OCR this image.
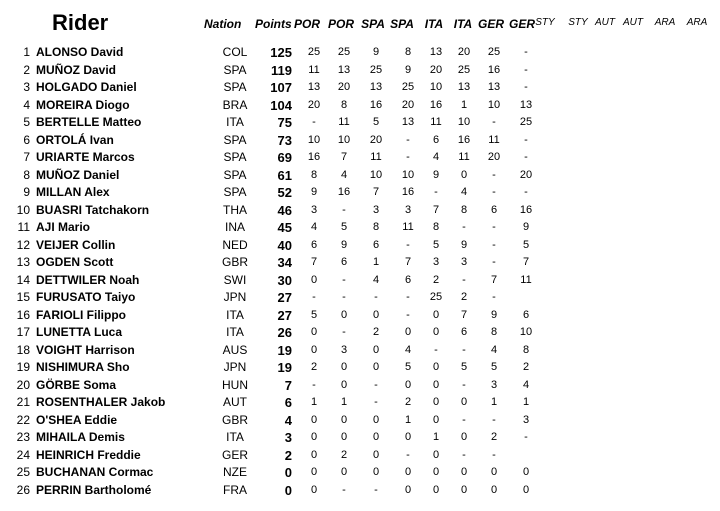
Rider	Nation Points POR POR SPA SPA ITA ITA GER GER STY	STY AUT AUT	ARA	ARA
1 ALONSO David	COL	125	25	25	9	8	13	20	25	-
2 MUÑOZ David	SPA	119	11	13	25	9	20	25	16	-
3 HOLGADO Daniel	SPA	107	13	20	13	25	10	13	13	-
4 MOREIRA Diogo	BRA	104	20	8	16	20	16	1	10	13
5 BERTELLE Matteo	ITA	75	-	11	5	13	11	10	-	25
6 ORTOLÁ Ivan	SPA	73	10	10	20	-	6	16	11	-
7 URIARTE Marcos	SPA	69	16	7	11	-	4	11	20	-
8 MUÑOZ Daniel	SPA	61	8	4	10	10	9	0	-	20
9 MILLAN Alex	SPA	52	9	16	7	16	-	4	-	-
10 BUASRI Tatchakorn	THA	46	3	-	3	3	7	8	6	16
11 AJI Mario	INA	45	4	5	8	11	8	-	-	9
12 VEIJER Collin	NED	40	6	9	6	-	5	9	-	5
13 OGDEN Scott	GBR	34	7	6	1	7	3	3	-	7
14 DETTWILER Noah	SWI	30	0	-	4	6	2	-	7	11
15 FURUSATO Taiyo	JPN	27	-	-	-	-	25	2	-
16 FARIOLI Filippo	ITA	27	5	0	0	-	0	7	9	6
17 LUNETTA Luca	ITA	26	0	-	2	0	0	6	8	10
18 VOIGHT Harrison	AUS	19	0	3	0	4	-	-	4	8
19 NISHIMURA Sho	JPN	19	2	0	0	5	0	5	5	2
20 GÖRBE Soma	HUN	7	-	0	-	0	0	-	3	4
21 ROSENTHALER Jakob	AUT	6	1	1	-	2	0	0	1	1
22 O'SHEA Eddie	GBR	4	0	0	0	1	0	-	-	3
23 MIHAILA Demis	ITA	3	0	0	0	0	1	0	2	-
24 HEINRICH Freddie	GER	2	0	2	0	-	0	-	-
25 BUCHANAN Cormac	NZE	0	0	0	0	0	0	0	0	0
26 PERRIN Bartholomé	FRA	0	0	-	-	0	0	0	0	0
